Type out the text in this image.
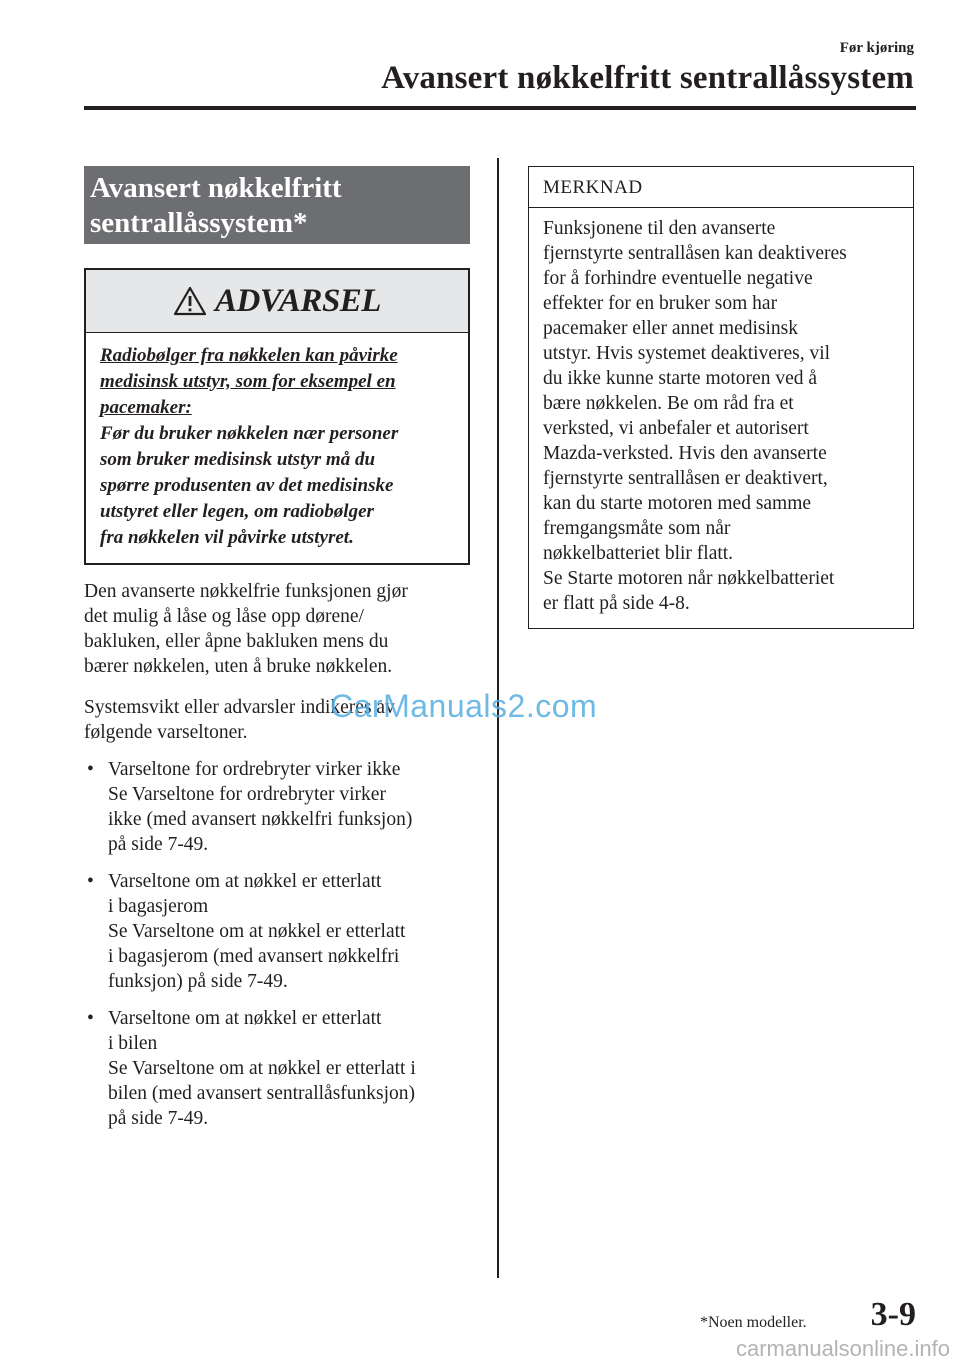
Før kjøring
Avansert nøkkelfritt sentrallåssystem
Avansert nøkkelfritt
sentrallåssystem*
ADVARSEL
Radiobølger fra nøkkelen kan påvirke
medisinsk utstyr, som for eksempel en
pacemaker:
Før du bruker nøkkelen nær personer
som bruker medisinsk utstyr må du
spørre produsenten av det medisinske
utstyret eller legen, om radiobølger
fra nøkkelen vil påvirke utstyret.
Den avanserte nøkkelfrie funksjonen gjør
det mulig å låse og låse opp dørene/
bakluken, eller åpne bakluken mens du
bærer nøkkelen, uten å bruke nøkkelen.
Systemsvikt eller advarsler indikeres av
følgende varseltoner.
• Varseltone for ordrebryter virker ikke
Se Varseltone for ordrebryter virker
ikke (med avansert nøkkelfri funksjon)
på side 7-49.
• Varseltone om at nøkkel er etterlatt
i bagasjerom
Se Varseltone om at nøkkel er etterlatt
i bagasjerom (med avansert nøkkelfri
funksjon) på side 7-49.
• Varseltone om at nøkkel er etterlatt
i bilen
Se Varseltone om at nøkkel er etterlatt i
bilen (med avansert sentrallåsfunksjon)
på side 7-49.
MERKNAD
Funksjonene til den avanserte
fjernstyrte sentrallåsen kan deaktiveres
for å forhindre eventuelle negative
effekter for en bruker som har
pacemaker eller annet medisinsk
utstyr. Hvis systemet deaktiveres, vil
du ikke kunne starte motoren ved å
bære nøkkelen. Be om råd fra et
verksted, vi anbefaler et autorisert
Mazda-verksted. Hvis den avanserte
fjernstyrte sentrallåsen er deaktivert,
kan du starte motoren med samme
fremgangsmåte som når
nøkkelbatteriet blir flatt.
Se Starte motoren når nøkkelbatteriet
er flatt på side 4-8.
CarManuals2.com
*Noen modeller. 3-9
carmanualsonline.info
